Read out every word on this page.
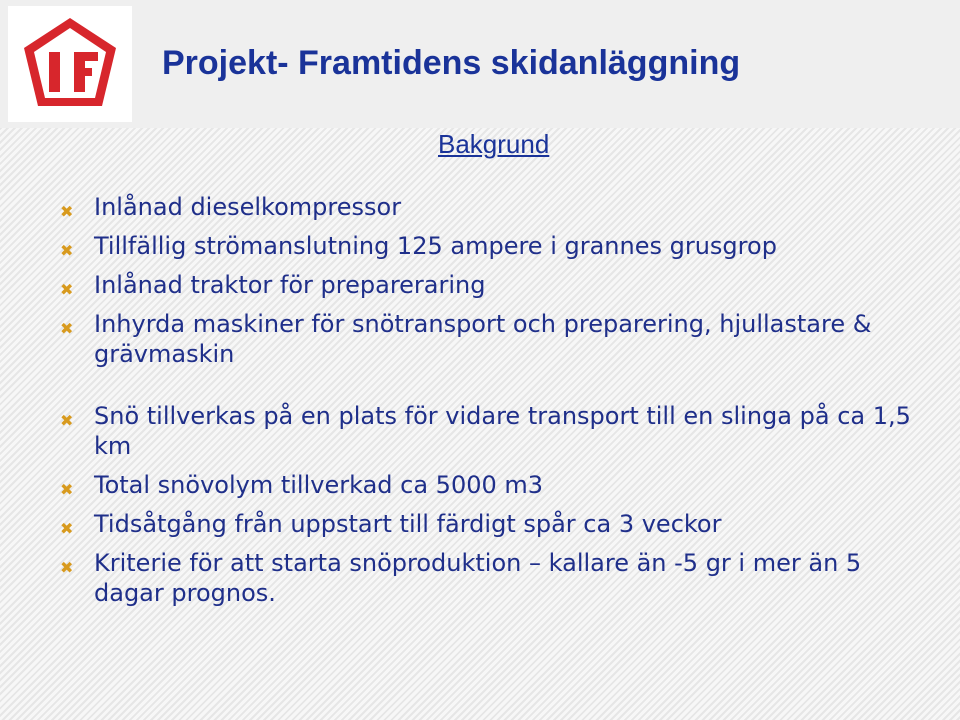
Projekt- Framtidens skidanläggning
Bakgrund
✖ Inlånad dieselkompressor
✖ Tillfällig strömanslutning 125 ampere i grannes grusgrop
✖ Inlånad traktor för prepareraring
✖ Inhyrda maskiner för snötransport och preparering, hjullastare & grävmaskin
✖ Snö tillverkas på en plats för vidare transport till en slinga på ca 1,5 km
✖ Total snövolym tillverkad ca 5000 m3
✖ Tidsåtgång från uppstart till färdigt spår ca 3 veckor
✖ Kriterie för att starta snöproduktion – kallare än -5 gr i mer än 5 dagar prognos.
